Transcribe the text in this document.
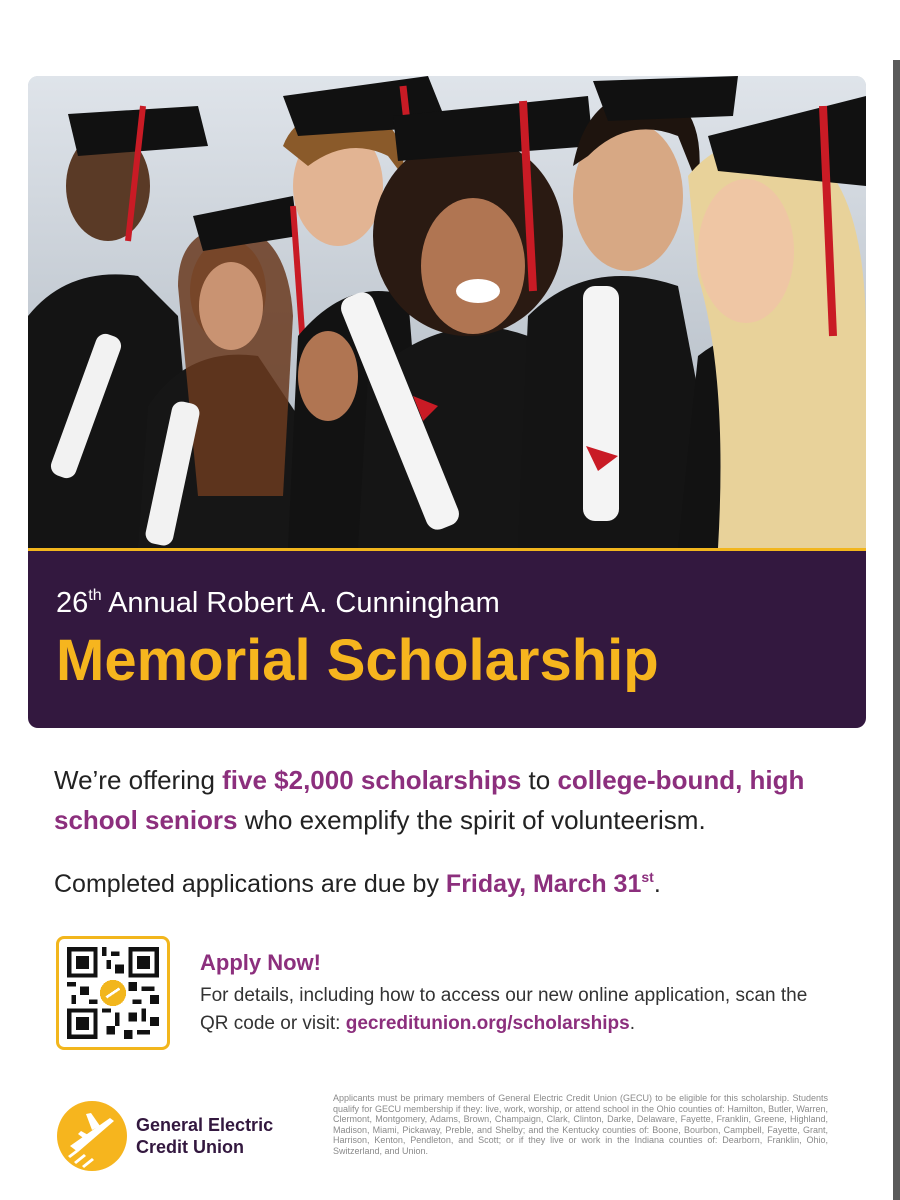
26th Annual Robert A. Cunningham
Memorial Scholarship
We’re offering five $2,000 scholarships to college-bound, high school seniors who exemplify the spirit of volunteerism.
Completed applications are due by Friday, March 31st.
Apply Now!
For details, including how to access our new online application, scan the QR code or visit: gecreditunion.org/scholarships.
General Electric
Credit Union
Applicants must be primary members of General Electric Credit Union (GECU) to be eligible for this scholarship. Students qualify for GECU membership if they: live, work, worship, or attend school in the Ohio counties of: Hamilton, Butler, Warren, Clermont, Montgomery, Adams, Brown, Champaign, Clark, Clinton, Darke, Delaware, Fayette, Franklin, Greene, Highland, Madison, Miami, Pickaway, Preble, and Shelby; and the Kentucky counties of: Boone, Bourbon, Campbell, Fayette, Grant, Harrison, Kenton, Pendleton, and Scott; or if they live or work in the Indiana counties of: Dearborn, Franklin, Ohio, Switzerland, and Union.
